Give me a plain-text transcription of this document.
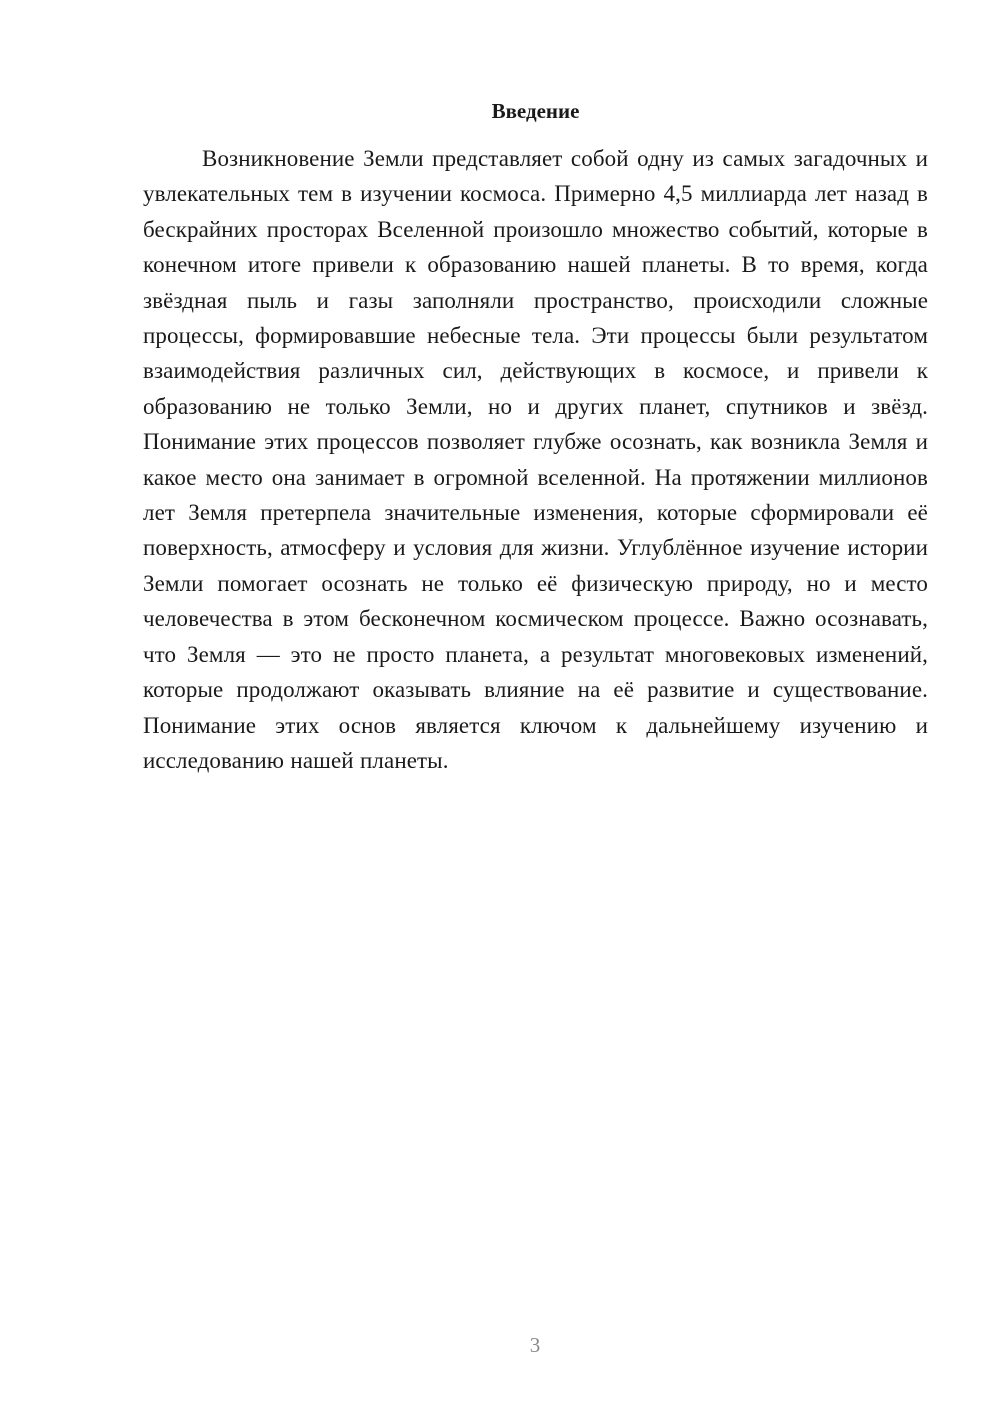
Введение

Возникновение Земли представляет собой одну из самых загадочных и увлекательных тем в изучении космоса. Примерно 4,5 миллиарда лет назад в бескрайних просторах Вселенной произошло множество событий, которые в конечном итоге привели к образованию нашей планеты. В то время, когда звёздная пыль и газы заполняли пространство, происходили сложные процессы, формировавшие небесные тела. Эти процессы были результатом взаимодействия различных сил, действующих в космосе, и привели к образованию не только Земли, но и других планет, спутников и звёзд. Понимание этих процессов позволяет глубже осознать, как возникла Земля и какое место она занимает в огромной вселенной. На протяжении миллионов лет Земля претерпела значительные изменения, которые сформировали её поверхность, атмосферу и условия для жизни. Углублённое изучение истории Земли помогает осознать не только её физическую природу, но и место человечества в этом бесконечном космическом процессе. Важно осознавать, что Земля — это не просто планета, а результат многовековых изменений, которые продолжают оказывать влияние на её развитие и существование. Понимание этих основ является ключом к дальнейшему изучению и исследованию нашей планеты.

3
